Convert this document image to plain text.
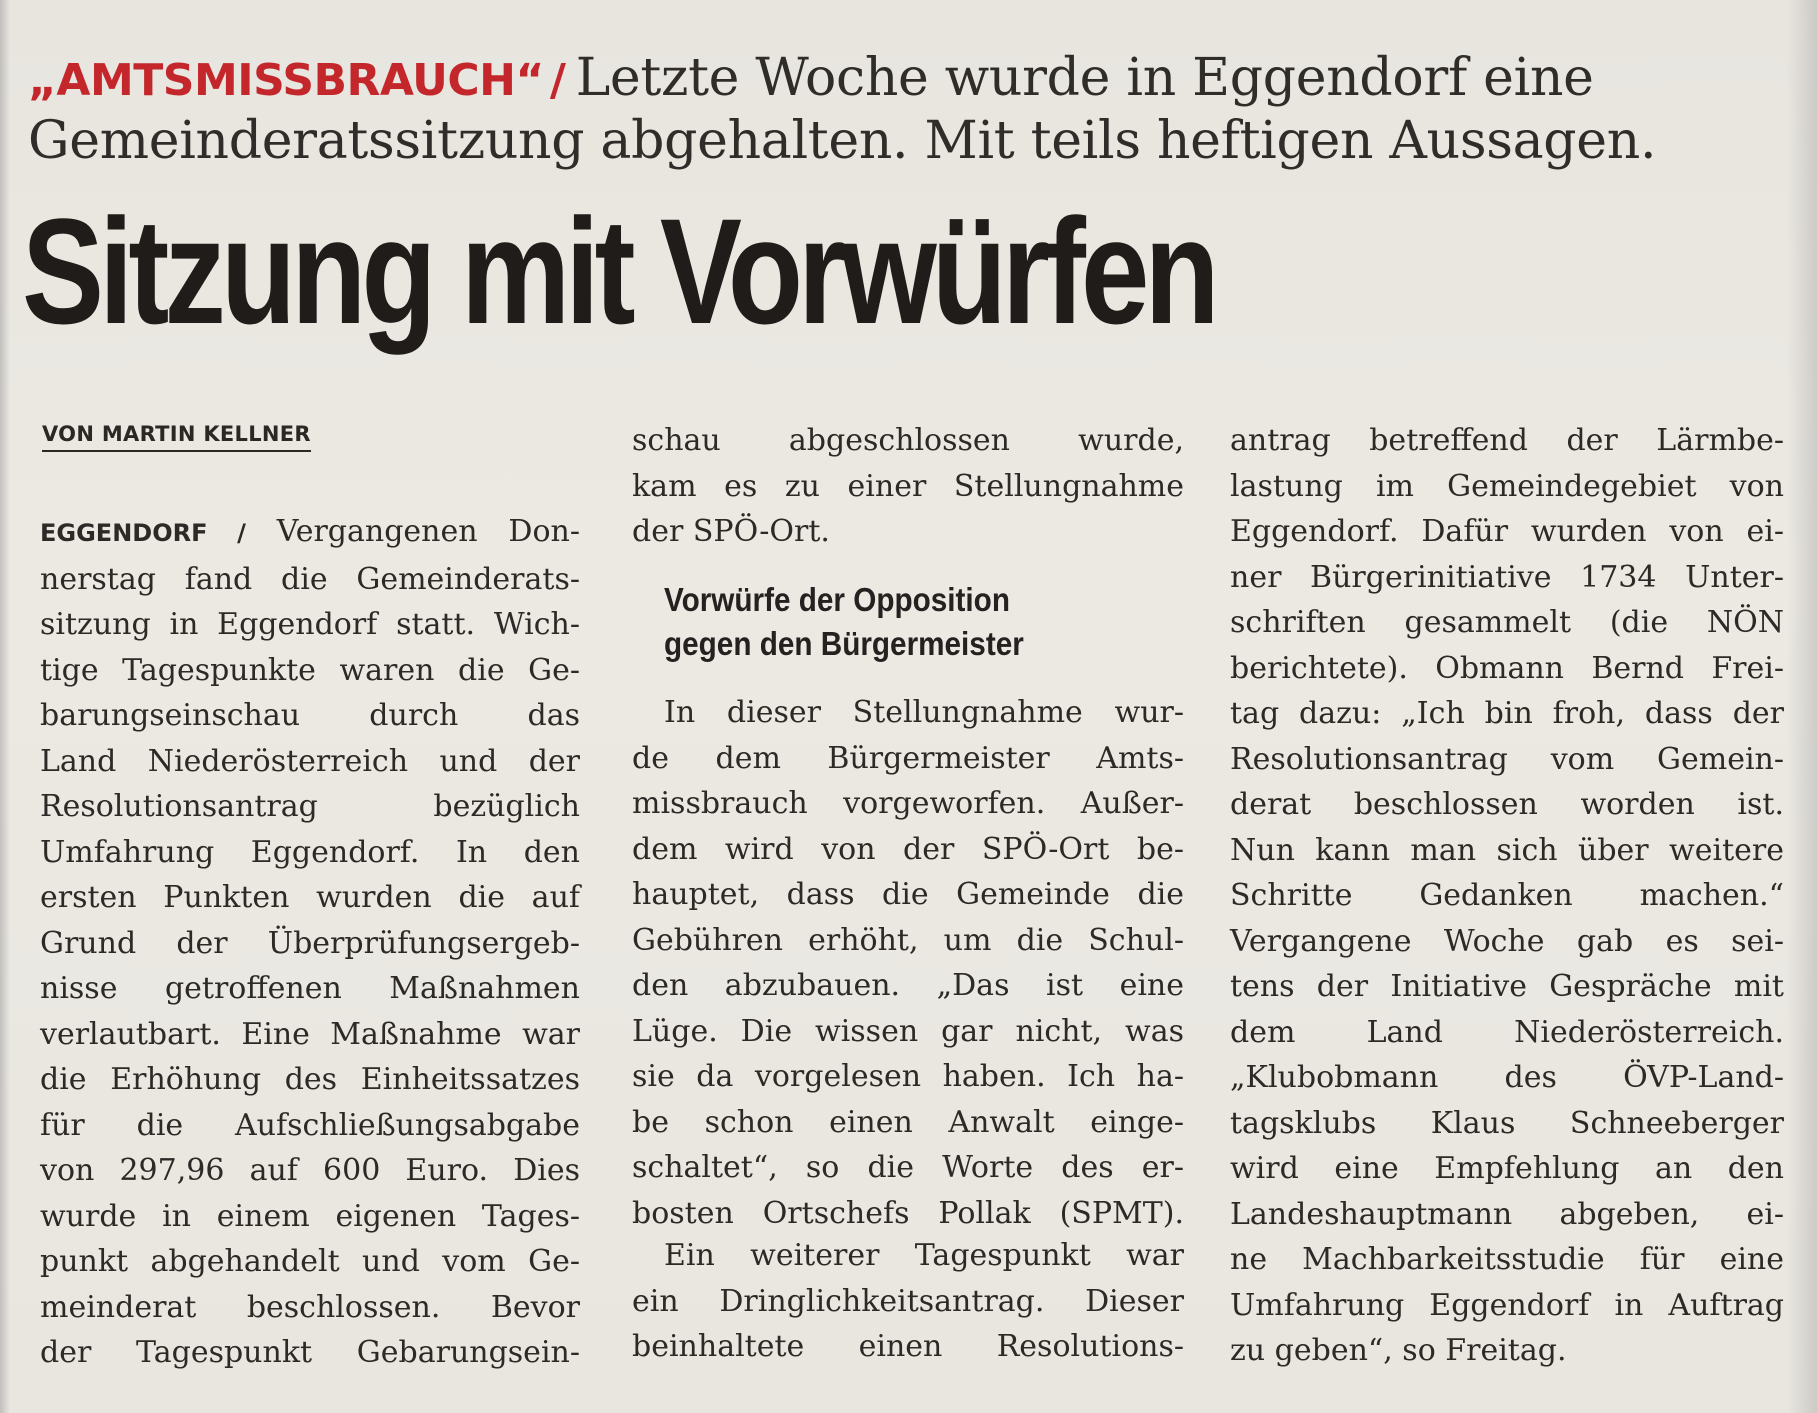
„AMTSMISSBRAUCH“ / Letzte Woche wurde in Eggendorf eine Gemeinderatssitzung abgehalten. Mit teils heftigen Aussagen.
Sitzung mit Vorwürfen
VON MARTIN KELLNER
EGGENDORF / Vergangenen Don-
nerstag fand die Gemeinderats-
sitzung in Eggendorf statt. Wich-
tige Tagespunkte waren die Ge-
barungseinschau durch das
Land Niederösterreich und der
Resolutionsantrag bezüglich
Umfahrung Eggendorf. In den
ersten Punkten wurden die auf
Grund der Überprüfungsergeb-
nisse getroffenen Maßnahmen
verlautbart. Eine Maßnahme war
die Erhöhung des Einheitssatzes
für die Aufschließungsabgabe
von 297,96 auf 600 Euro. Dies
wurde in einem eigenen Tages-
punkt abgehandelt und vom Ge-
meinderat beschlossen. Bevor
der Tagespunkt Gebarungsein-
schau abgeschlossen wurde,
kam es zu einer Stellungnahme
der SPÖ-Ort.
Vorwürfe der Opposition
gegen den Bürgermeister
In dieser Stellungnahme wur-
de dem Bürgermeister Amts-
missbrauch vorgeworfen. Außer-
dem wird von der SPÖ-Ort be-
hauptet, dass die Gemeinde die
Gebühren erhöht, um die Schul-
den abzubauen. „Das ist eine
Lüge. Die wissen gar nicht, was
sie da vorgelesen haben. Ich ha-
be schon einen Anwalt einge-
schaltet“, so die Worte des er-
bosten Ortschefs Pollak (SPMT).
Ein weiterer Tagespunkt war
ein Dringlichkeitsantrag. Dieser
beinhaltete einen Resolutions-
antrag betreffend der Lärmbe-
lastung im Gemeindegebiet von
Eggendorf. Dafür wurden von ei-
ner Bürgerinitiative 1734 Unter-
schriften gesammelt (die NÖN
berichtete). Obmann Bernd Frei-
tag dazu: „Ich bin froh, dass der
Resolutionsantrag vom Gemein-
derat beschlossen worden ist.
Nun kann man sich über weitere
Schritte Gedanken machen.“
Vergangene Woche gab es sei-
tens der Initiative Gespräche mit
dem Land Niederösterreich.
„Klubobmann des ÖVP-Land-
tagsklubs Klaus Schneeberger
wird eine Empfehlung an den
Landeshauptmann abgeben, ei-
ne Machbarkeitsstudie für eine
Umfahrung Eggendorf in Auftrag
zu geben“, so Freitag.
